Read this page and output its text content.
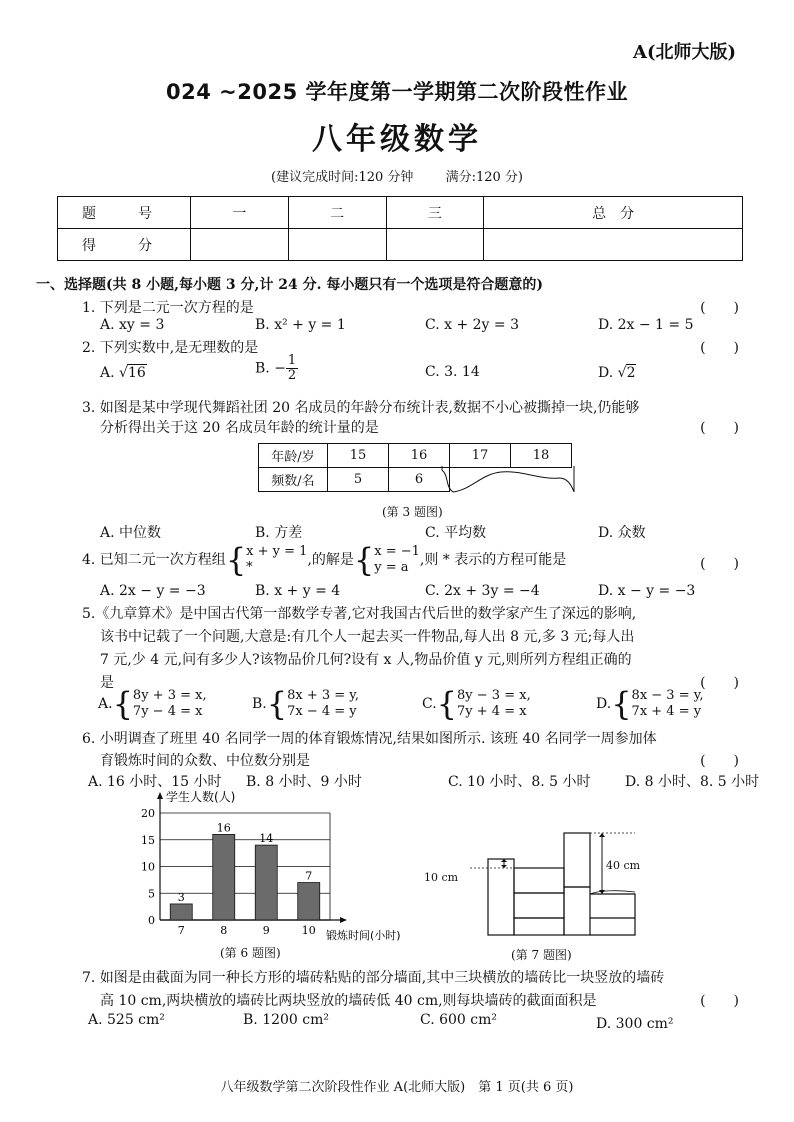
A(北师大版)
024 ~2025 学年度第一学期第二次阶段性作业
八年级数学
(建议完成时间:120 分钟 满分:120 分)
题　号	一	二	三	总　分
得　分				
一、选择题(共 8 小题,每小题 3 分,计 24 分. 每小题只有一个选项是符合题意的)
1. 下列是二元一次方程的是	(　　)
A. xy = 3	B. x² + y = 1	C. x + 2y = 3	D. 2x − 1 = 5
2. 下列实数中,是无理数的是	(　　)
A. √16	B. − $\frac{1}{2}$	C. 3. 14	D. √2
3. 如图是某中学现代舞蹈社团 20 名成员的年龄分布统计表,数据不小心被撕掉一块,仍能够
分析得出关于这 20 名成员年龄的统计量的是	(　　)
年龄/岁	15	16	17	18
频数/名	5	6		
(第 3 题图)
A. 中位数	B. 方差	C. 平均数	D. 众数
4. 已知二元一次方程组{ x + y = 1
*	,的解是{ x = −1
y = a ,则 * 表示的方程可能是	(　　)
A. 2x − y = −3	B. x + y = 4	C. 2x + 3y = −4	D. x − y = −3
5.《九章算术》是中国古代第一部数学专著,它对我国古代后世的数学家产生了深远的影响,
该书中记载了一个问题,大意是:有几个人一起去买一件物品,每人出 8 元,多 3 元;每人出
7 元,少 4 元,问有多少人?该物品价几何?设有 x 人,物品价值 y 元,则所列方程组正确的
是	(　　)
A.{ 8y + 3 = x,
7y − 4 = x	B.{ 8x + 3 = y,
7x − 4 = y	C.{ 8y − 3 = x,
7y + 4 = x	D.{ 8x − 3 = y,
7x + 4 = y
6. 小明调查了班里 40 名同学一周的体育锻炼情况,结果如图所示. 该班 40 名同学一周参加体
育锻炼时间的众数、中位数分别是	(　　)
A. 16 小时、15 小时 B. 8 小时、9 小时	C. 10 小时、8. 5 小时 D. 8 小时、8. 5 小时
学生人数(人)
锻炼时间(小时)
0
5
10
15
20
3
7
16
8
14
9
7
10
(第 6 题图)
10 cm
40 cm
(第 7 题图)
7. 如图是由截面为同一种长方形的墙砖粘贴的部分墙面,其中三块横放的墙砖比一块竖放的墙砖
高 10 cm,两块横放的墙砖比两块竖放的墙砖低 40 cm,则每块墙砖的截面面积是	(　　)
A. 525 cm²	B. 1200 cm²	C. 600 cm²	D. 300 cm²
八年级数学第二次阶段性作业 A(北师大版)　第 1 页(共 6 页)
